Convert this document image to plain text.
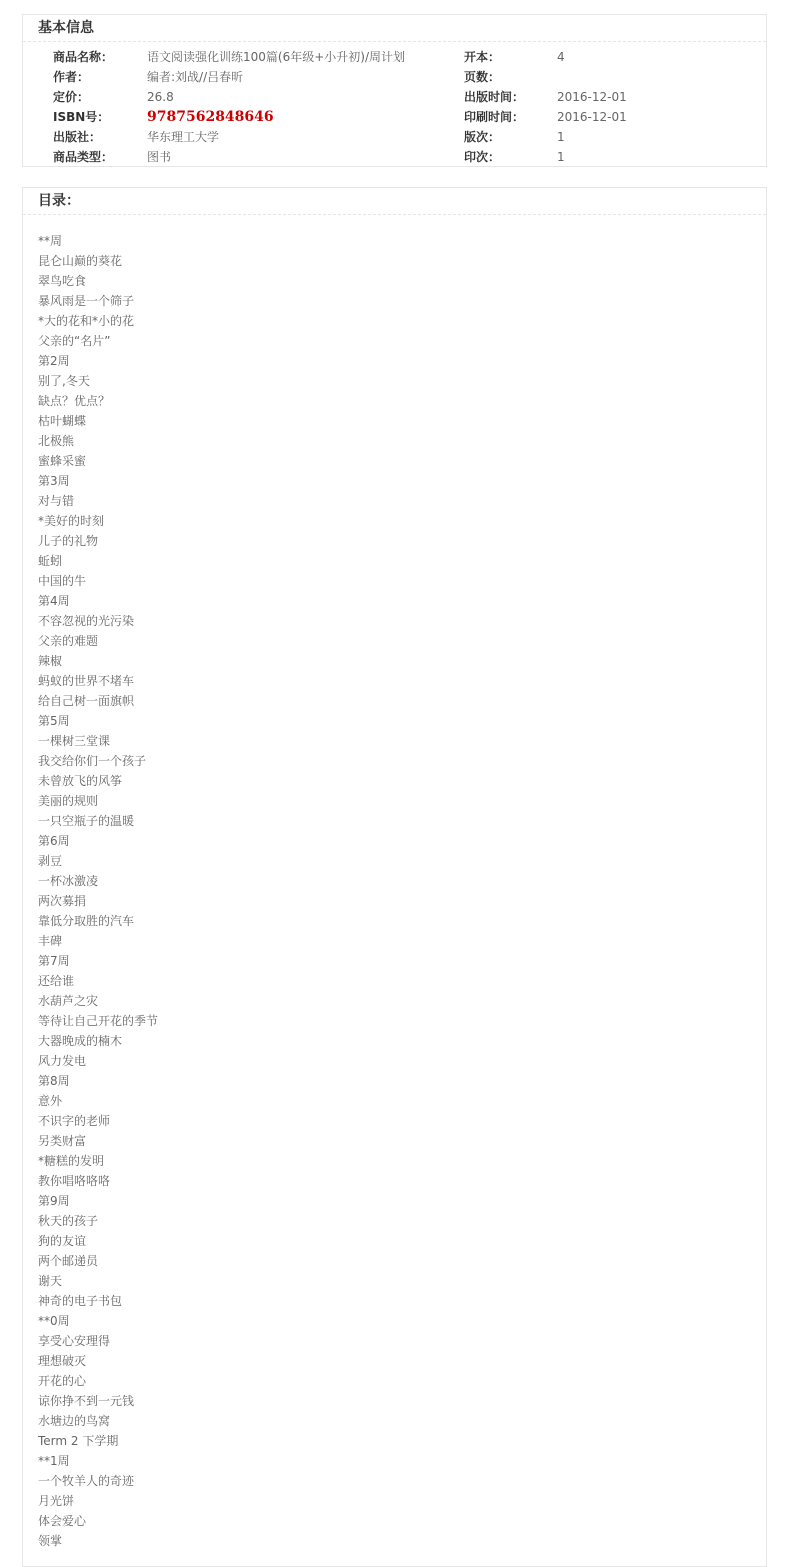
基本信息
商品名称：	语文阅读强化训练100篇(6年级+小升初)/周计划	开本：	4
作者：	编者:刘战//吕春昕	页数：
定价：	26.8	出版时间：	2016-12-01
ISBN号：	9787562848646	印刷时间：	2016-12-01
出版社：	华东理工大学	版次：	1
商品类型：	图书	印次：	1
目录：
**周
昆仑山巅的葵花
翠鸟吃食
暴风雨是一个筛子
*大的花和*小的花
父亲的“名片”
第2周
别了,冬天
缺点？优点？
枯叶蝴蝶
北极熊
蜜蜂采蜜
第3周
对与错
*美好的时刻
儿子的礼物
蚯蚓
中国的牛
第4周
不容忽视的光污染
父亲的难题
辣椒
蚂蚁的世界不堵车
给自己树一面旗帜
第5周
一棵树三堂课
我交给你们一个孩子
未曾放飞的风筝
美丽的规则
一只空瓶子的温暖
第6周
剥豆
一杯冰激凌
两次募捐
靠低分取胜的汽车
丰碑
第7周
还给谁
水葫芦之灾
等待让自己开花的季节
大器晚成的楠木
风力发电
第8周
意外
不识字的老师
另类财富
*糖糕的发明
教你唱咯咯咯
第9周
秋天的孩子
狗的友谊
两个邮递员
谢天
神奇的电子书包
**0周
享受心安理得
理想破灭
开花的心
谅你挣不到一元钱
水塘边的鸟窝
Term 2 下学期
**1周
一个牧羊人的奇迹
月光饼
体会爱心
领掌
